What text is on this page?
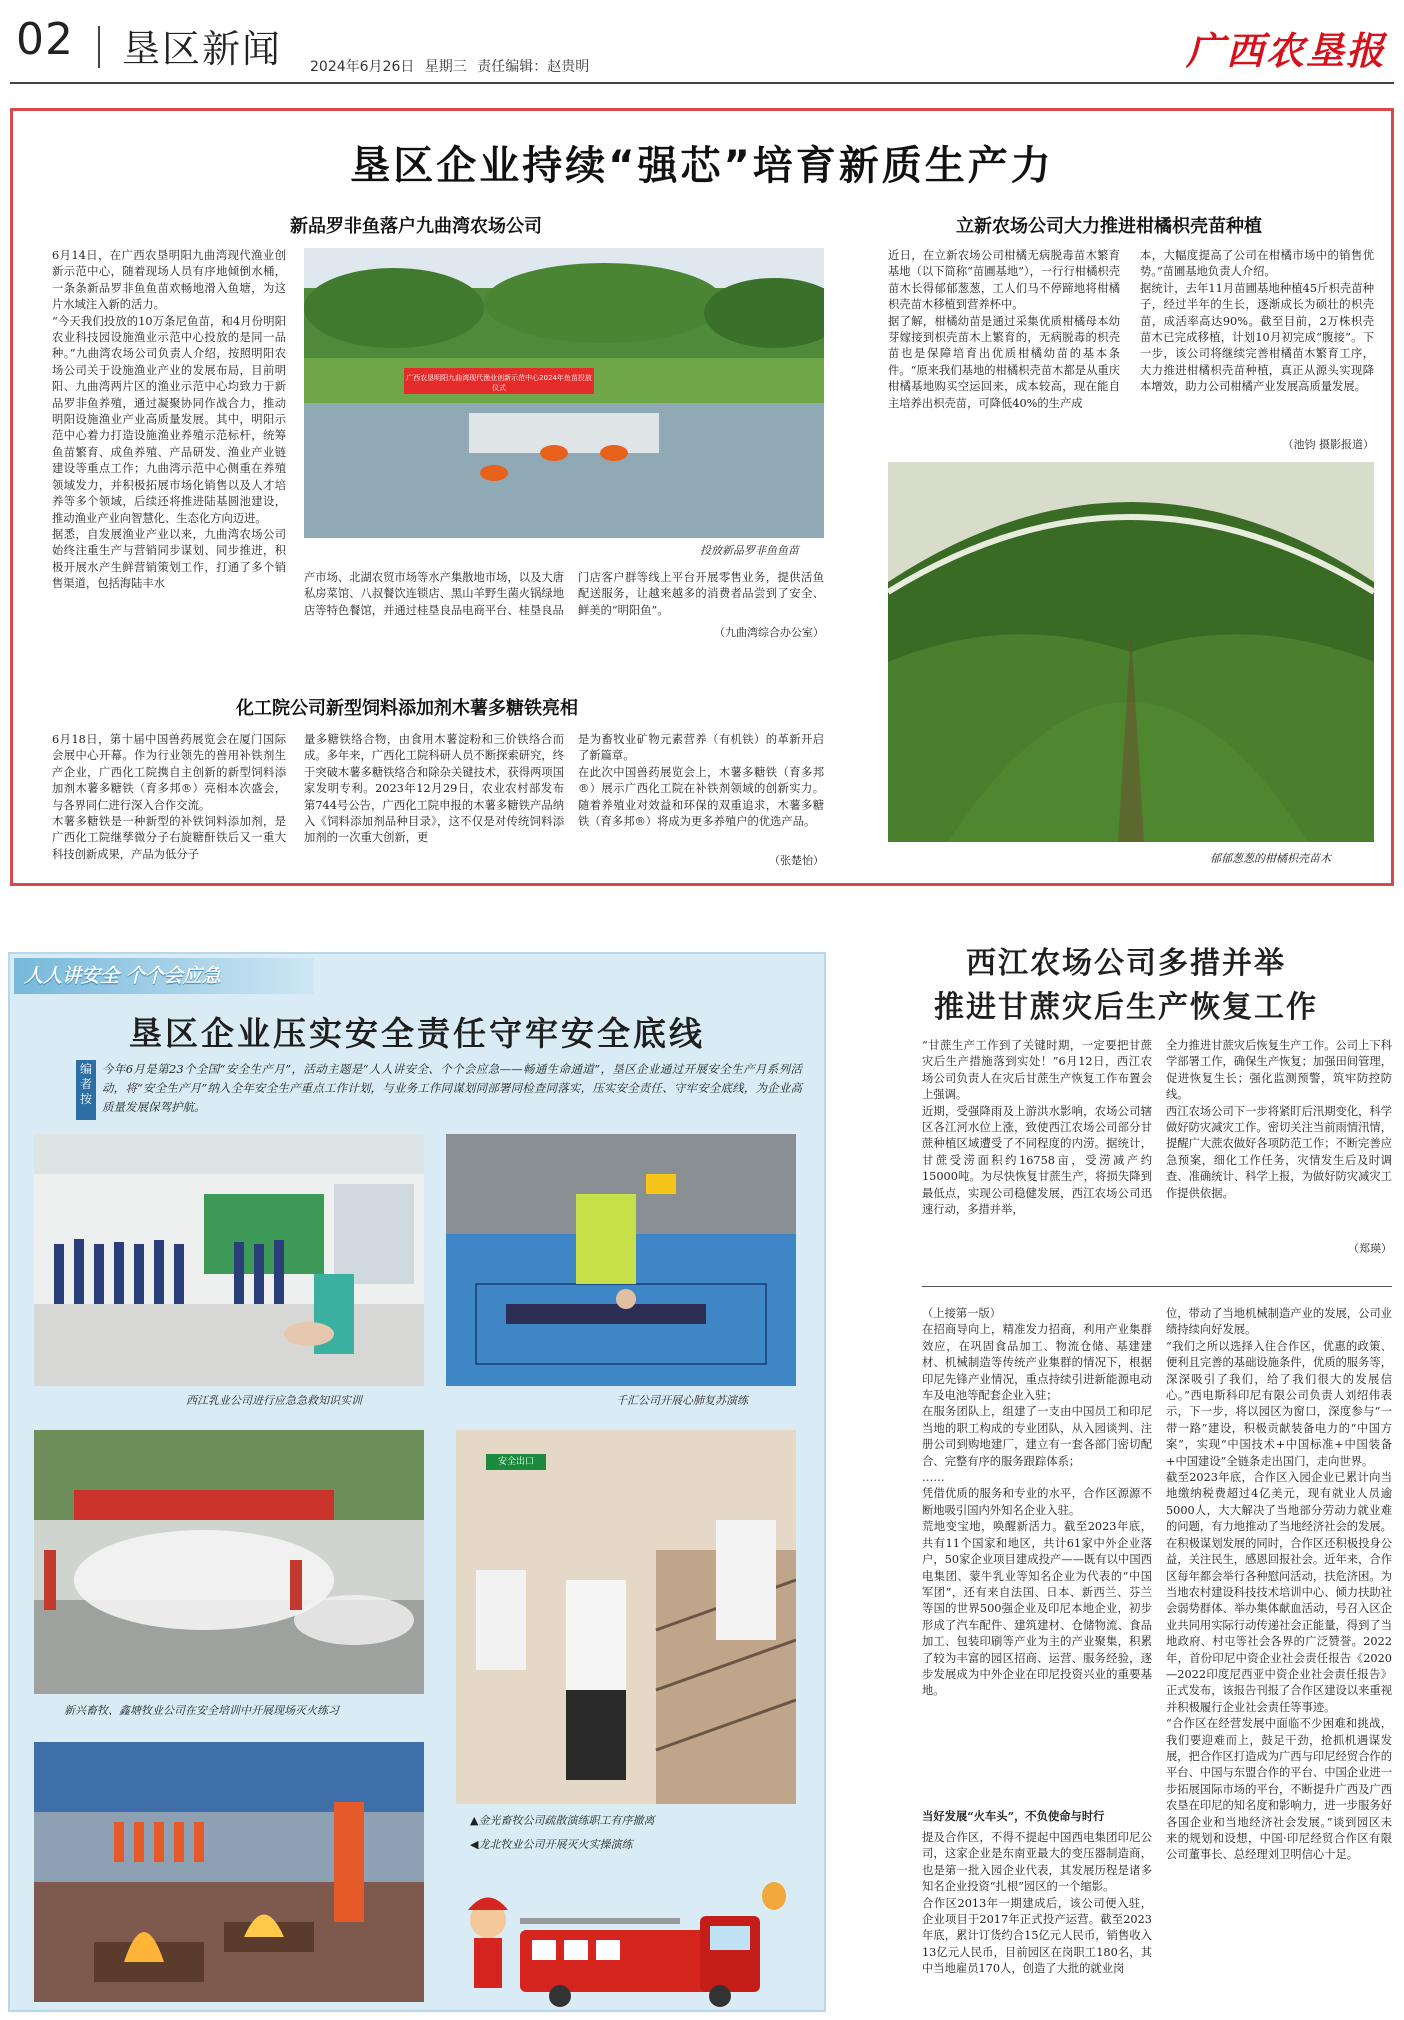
02 垦区新闻 2024年6月26日 星期三 责任编辑：赵贵明	广西农垦报
垦区企业持续“强芯”培育新质生产力
新品罗非鱼落户九曲湾农场公司
6月14日，在广西农垦明阳九曲湾现代渔业创新示范中心，随着现场人员有序地倾倒水桶，一条条新品罗非鱼鱼苗欢畅地滑入鱼塘，为这片水域注入新的活力。
“今天我们投放的10万条尼鱼苗，和4月份明阳农业科技园设施渔业示范中心投放的是同一品种。”九曲湾农场公司负责人介绍，按照明阳农场公司关于设施渔业产业的发展布局，目前明阳、九曲湾两片区的渔业示范中心均致力于新品罗非鱼养殖，通过凝聚协同作战合力，推动明阳设施渔业产业高质量发展。其中，明阳示范中心着力打造设施渔业养殖示范标杆，统筹鱼苗繁育、成鱼养殖、产品研发、渔业产业链建设等重点工作；九曲湾示范中心侧重在养殖领域发力，并积极拓展市场化销售以及人才培养等多个领域，后续还将推进陆基圆池建设，推动渔业产业向智慧化、生态化方向迈进。
据悉，自发展渔业产业以来，九曲湾农场公司始终注重生产与营销同步谋划、同步推进，积极开展水产生鲜营销策划工作，打通了多个销售渠道，包括海陆丰水
广西农垦明阳九曲湾现代渔业创新示范中心2024年鱼苗投放仪式
投放新品罗非鱼鱼苗
产市场、北湖农贸市场等水产集散地市场，以及大唐私房菜馆、八叔餐饮连锁店、黑山羊野生菌火锅绿地店等特色餐馆，并通过桂垦良品电商平台、桂垦良品
门店客户群等线上平台开展零售业务，提供活鱼配送服务，让越来越多的消费者品尝到了安全、鲜美的“明阳鱼”。
（九曲湾综合办公室）
立新农场公司大力推进柑橘枳壳苗种植
近日，在立新农场公司柑橘无病脱毒苗木繁育基地（以下简称“苗圃基地”），一行行柑橘枳壳苗木长得郁郁葱葱，工人们马不停蹄地将柑橘枳壳苗木移植到营养杯中。
据了解，柑橘幼苗是通过采集优质柑橘母本幼芽嫁接到枳壳苗木上繁育的，无病脱毒的枳壳苗也是保障培育出优质柑橘幼苗的基本条件。“原来我们基地的柑橘枳壳苗木都是从重庆柑橘基地购买空运回来，成本较高，现在能自主培养出枳壳苗，可降低40%的生产成
本，大幅度提高了公司在柑橘市场中的销售优势。”苗圃基地负责人介绍。
据统计，去年11月苗圃基地种植45斤枳壳苗种子，经过半年的生长，逐渐成长为硕壮的枳壳苗，成活率高达90%。截至目前，2万株枳壳苗木已完成移植，计划10月初完成“腹接”。下一步，该公司将继续完善柑橘苗木繁育工序，大力推进柑橘枳壳苗种植，真正从源头实现降本增效，助力公司柑橘产业发展高质量发展。
（池钧 摄影报道）
郁郁葱葱的柑橘枳壳苗木
化工院公司新型饲料添加剂木薯多糖铁亮相
6月18日，第十届中国兽药展览会在厦门国际会展中心开幕。作为行业领先的兽用补铁剂生产企业，广西化工院携自主创新的新型饲料添加剂木薯多糖铁（育多邦®）亮相本次盛会，与各界同仁进行深入合作交流。
木薯多糖铁是一种新型的补铁饲料添加剂，是广西化工院继孳微分子右旋糖酐铁后又一重大科技创新成果，产品为低分子
量多糖铁络合物，由食用木薯淀粉和三价铁络合而成。多年来，广西化工院科研人员不断探索研究，终于突破木薯多糖铁络合和除杂关键技术，获得两项国家发明专利。2023年12月29日，农业农村部发布第744号公告，广西化工院申报的木薯多糖铁产品纳入《饲料添加剂品种目录》，这不仅是对传统饲料添加剂的一次重大创新，更
是为畜牧业矿物元素营养（有机铁）的革新开启了新篇章。
在此次中国兽药展览会上，木薯多糖铁（育多邦®）展示广西化工院在补铁剂领域的创新实力。随着养殖业对效益和环保的双重追求，木薯多糖铁（育多邦®）将成为更多养殖户的优选产品。
（张楚怡）
人人讲安全 个个会应急
垦区企业压实安全责任守牢安全底线
编者按
今年6月是第23个全国“安全生产月”，活动主题是“人人讲安全、个个会应急——畅通生命通道”，垦区企业通过开展安全生产月系列活动，将“安全生产月”纳入全年安全生产重点工作计划，与业务工作同谋划同部署同检查同落实，压实安全责任、守牢安全底线，为企业高质量发展保驾护航。
西江乳业公司进行应急急救知识实训	千汇公司开展心肺复苏演练
新兴畜牧、鑫塘牧业公司在安全培训中开展现场灭火练习
安全出口
▲金光畜牧公司疏散演练职工有序撤离
◀龙北牧业公司开展灭火实操演练
西江农场公司多措并举
推进甘蔗灾后生产恢复工作
“甘蔗生产工作到了关键时期，一定要把甘蔗灾后生产措施落到实处！”6月12日，西江农场公司负责人在灾后甘蔗生产恢复工作布置会上强调。
近期，受强降雨及上游洪水影响，农场公司辖区各江河水位上涨，致使西江农场公司部分甘蔗种植区域遭受了不同程度的内涝。据统计，甘蔗受涝面积约16758亩，受涝减产约15000吨。为尽快恢复甘蔗生产，将损失降到最低点，实现公司稳健发展，西江农场公司迅速行动，多措并举，
全力推进甘蔗灾后恢复生产工作。公司上下科学部署工作，确保生产恢复；加强田间管理，促进恢复生长；强化监测预警，筑牢防控防线。
西江农场公司下一步将紧盯后汛期变化，科学做好防灾减灾工作。密切关注当前雨情汛情，提醒广大蔗农做好各项防范工作；不断完善应急预案，细化工作任务，灾情发生后及时调查、准确统计、科学上报，为做好防灾减灾工作提供依据。
（郑瑛）
（上接第一版）
在招商导向上，精准发力招商，利用产业集群效应，在巩固食品加工、物流仓储、基建建材、机械制造等传统产业集群的情况下，根据印尼先锋产业情况，重点持续引进新能源电动车及电池等配套企业入驻；
在服务团队上，组建了一支由中国员工和印尼当地的职工构成的专业团队，从入园谈判、注册公司到购地建厂，建立有一套各部门密切配合、完整有序的服务跟踪体系；
……
凭借优质的服务和专业的水平，合作区源源不断地吸引国内外知名企业入驻。
荒地变宝地，唤醒新活力。截至2023年底，共有11个国家和地区，共计61家中外企业落户，50家企业项目建成投产——既有以中国西电集团、蒙牛乳业等知名企业为代表的“中国军团”，还有来自法国、日本、新西兰、芬兰等国的世界500强企业及印尼本地企业，初步形成了汽车配件、建筑建材、仓储物流、食品加工、包装印刷等产业为主的产业聚集，积累了较为丰富的园区招商、运营、服务经验，逐步发展成为中外企业在印尼投资兴业的重要基地。
当好发展“火车头”，不负使命与时行
提及合作区，不得不提起中国西电集团印尼公司，这家企业是东南亚最大的变压器制造商，也是第一批入园企业代表，其发展历程是诸多知名企业投资“扎根”园区的一个缩影。
合作区2013年一期建成后，该公司便入驻，企业项目于2017年正式投产运营。截至2023年底，累计订货约合15亿元人民币，销售收入13亿元人民币，目前园区在岗职工180名，其中当地雇员170人，创造了大批的就业岗
位，带动了当地机械制造产业的发展，公司业绩持续向好发展。
“我们之所以选择入住合作区，优惠的政策、便利且完善的基础设施条件，优质的服务等，深深吸引了我们，给了我们很大的发展信心。”西电斯科印尼有限公司负责人刘绍伟表示，下一步，将以园区为窗口，深度参与“一带一路”建设，积极贡献装备电力的“中国方案”，实现“中国技术+中国标准+中国装备+中国建设”全链条走出国门，走向世界。
截至2023年底，合作区入园企业已累计向当地缴纳税费超过4亿美元，现有就业人员逾5000人，大大解决了当地部分劳动力就业难的问题，有力地推动了当地经济社会的发展。
在积极谋划发展的同时，合作区还积极投身公益，关注民生，感恩回报社会。近年来，合作区每年都会举行各种慰问活动，扶危济困。为当地农村建设科技技术培训中心、倾力扶助社会弱势群体、举办集体献血活动，号召入区企业共同用实际行动传递社会正能量，得到了当地政府、村屯等社会各界的广泛赞誉。2022年，首份印尼中资企业社会责任报告《2020—2022印度尼西亚中资企业社会责任报告》正式发布，该报告刊报了合作区建设以来重视并积极履行企业社会责任等事迹。
“合作区在经营发展中面临不少困难和挑战，我们要迎难而上，鼓足干劲，抢抓机遇谋发展，把合作区打造成为广西与印尼经贸合作的平台、中国与东盟合作的平台、中国企业进一步拓展国际市场的平台，不断提升广西及广西农垦在印尼的知名度和影响力，进一步服务好各国企业和当地经济社会发展。”谈到园区未来的规划和设想，中国·印尼经贸合作区有限公司董事长、总经理刘卫明信心十足。
